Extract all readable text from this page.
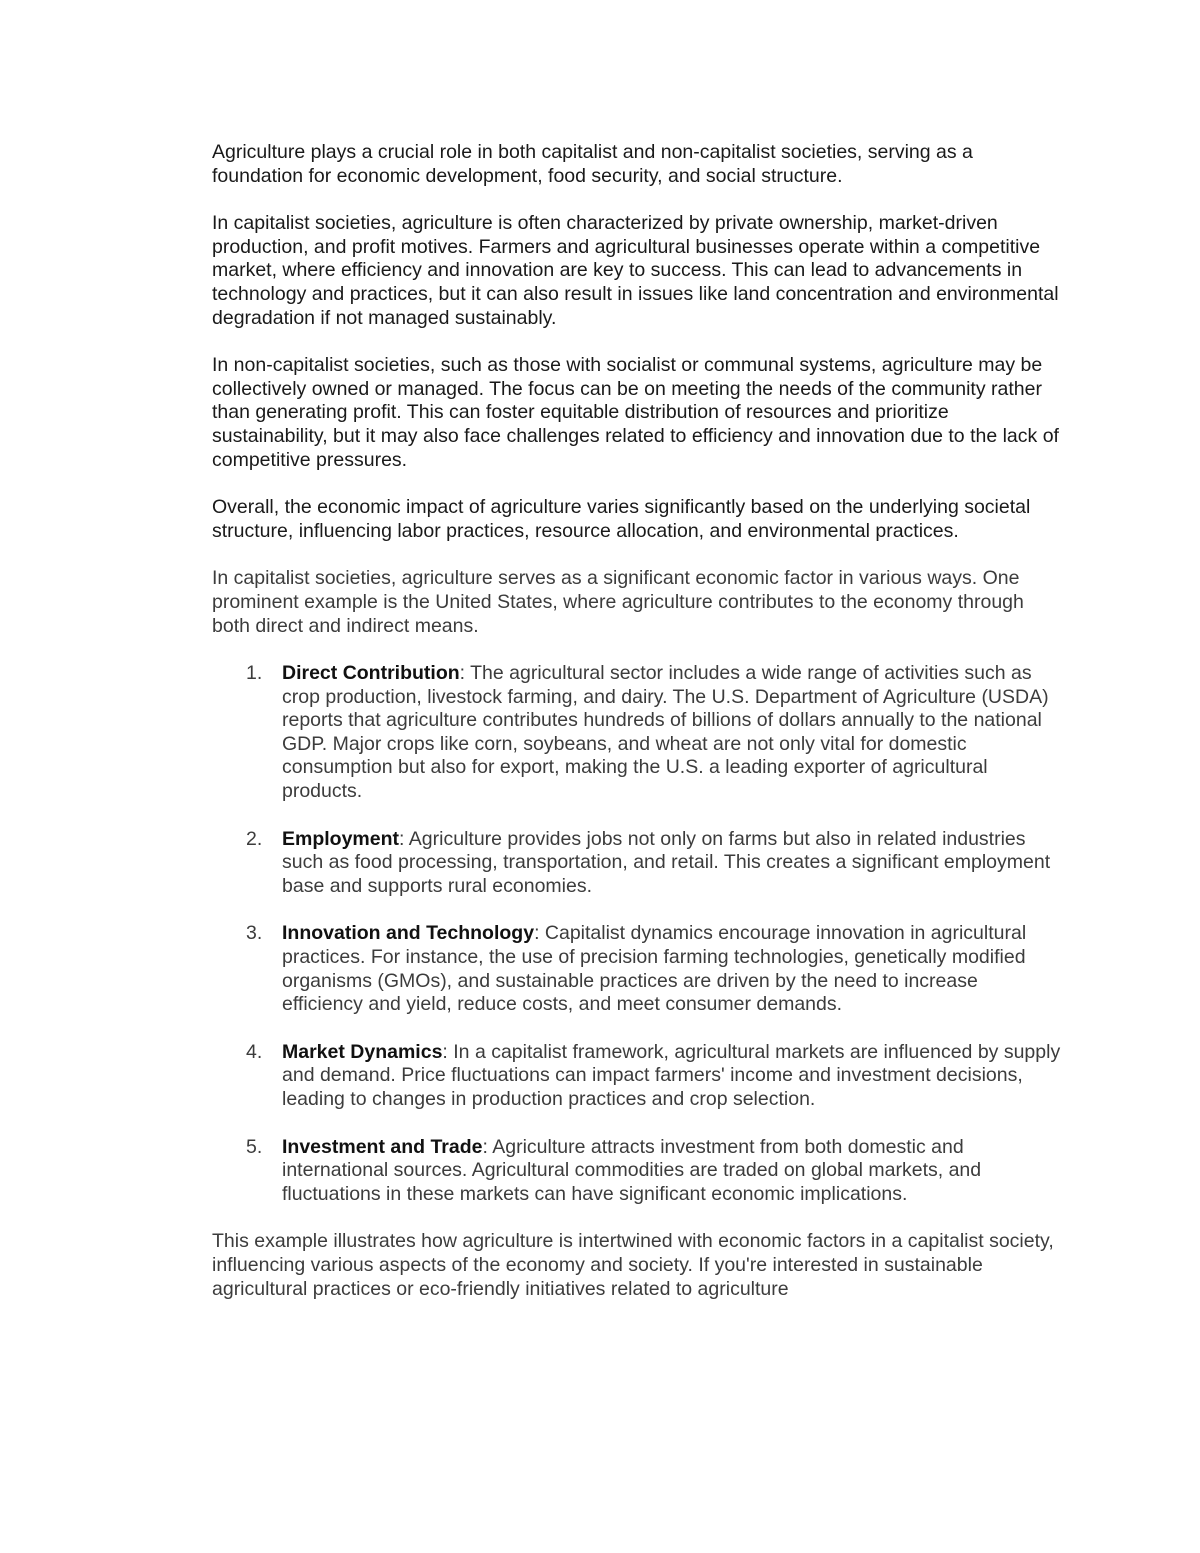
Agriculture plays a crucial role in both capitalist and non-capitalist societies, serving as a foundation for economic development, food security, and social structure.

In capitalist societies, agriculture is often characterized by private ownership, market-driven production, and profit motives. Farmers and agricultural businesses operate within a competitive market, where efficiency and innovation are key to success. This can lead to advancements in technology and practices, but it can also result in issues like land concentration and environmental degradation if not managed sustainably.

In non-capitalist societies, such as those with socialist or communal systems, agriculture may be collectively owned or managed. The focus can be on meeting the needs of the community rather than generating profit. This can foster equitable distribution of resources and prioritize sustainability, but it may also face challenges related to efficiency and innovation due to the lack of competitive pressures.

Overall, the economic impact of agriculture varies significantly based on the underlying societal structure, influencing labor practices, resource allocation, and environmental practices.

In capitalist societies, agriculture serves as a significant economic factor in various ways. One prominent example is the United States, where agriculture contributes to the economy through both direct and indirect means.

1. Direct Contribution: The agricultural sector includes a wide range of activities such as crop production, livestock farming, and dairy. The U.S. Department of Agriculture (USDA) reports that agriculture contributes hundreds of billions of dollars annually to the national GDP. Major crops like corn, soybeans, and wheat are not only vital for domestic consumption but also for export, making the U.S. a leading exporter of agricultural products.
2. Employment: Agriculture provides jobs not only on farms but also in related industries such as food processing, transportation, and retail. This creates a significant employment base and supports rural economies.
3. Innovation and Technology: Capitalist dynamics encourage innovation in agricultural practices. For instance, the use of precision farming technologies, genetically modified organisms (GMOs), and sustainable practices are driven by the need to increase efficiency and yield, reduce costs, and meet consumer demands.
4. Market Dynamics: In a capitalist framework, agricultural markets are influenced by supply and demand. Price fluctuations can impact farmers' income and investment decisions, leading to changes in production practices and crop selection.
5. Investment and Trade: Agriculture attracts investment from both domestic and international sources. Agricultural commodities are traded on global markets, and fluctuations in these markets can have significant economic implications.

This example illustrates how agriculture is intertwined with economic factors in a capitalist society, influencing various aspects of the economy and society. If you're interested in sustainable agricultural practices or eco-friendly initiatives related to agriculture
